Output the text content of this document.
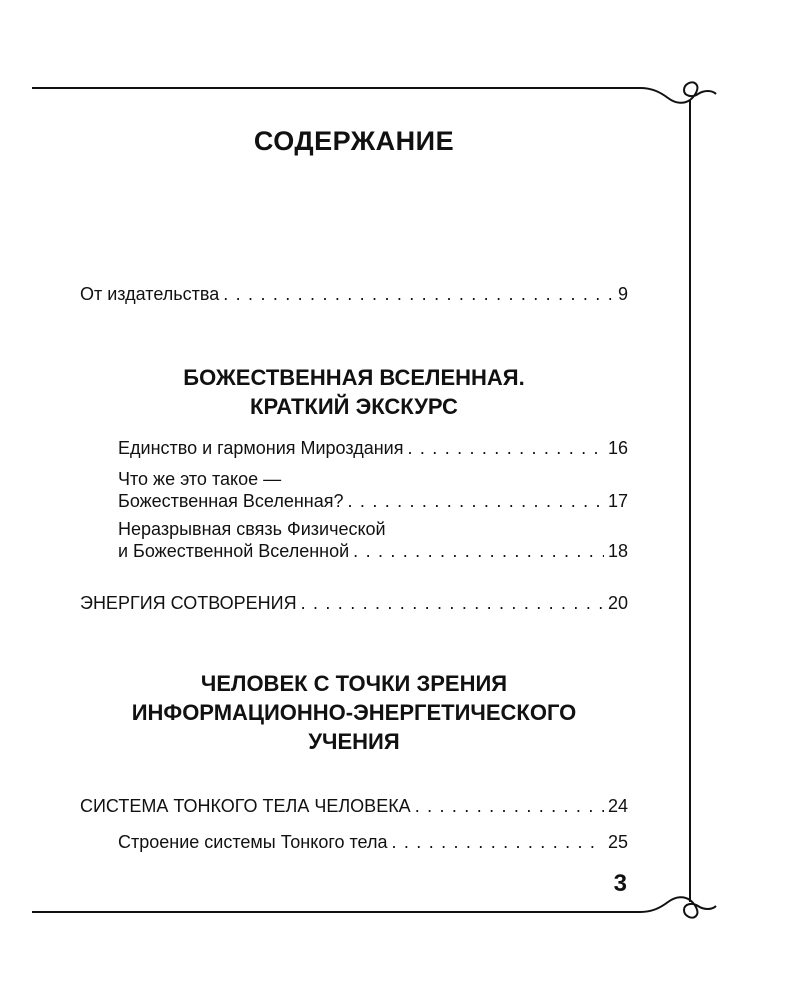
СОДЕРЖАНИЕ
От издательства . . .	9
БОЖЕСТВЕННАЯ ВСЕЛЕННАЯ.
КРАТКИЙ ЭКСКУРС
Единство и гармония Мироздания . . .	16
Что же это такое —
Божественная Вселенная? . . .	17
Неразрывная связь Физической
и Божественной Вселенной . . .	18
ЭНЕРГИЯ СОТВОРЕНИЯ . . .	20
ЧЕЛОВЕК С ТОЧКИ ЗРЕНИЯ
ИНФОРМАЦИОННО-ЭНЕРГЕТИЧЕСКОГО
УЧЕНИЯ
СИСТЕМА ТОНКОГО ТЕЛА ЧЕЛОВЕКА . . .	24
Строение системы Тонкого тела . . .	25
3
